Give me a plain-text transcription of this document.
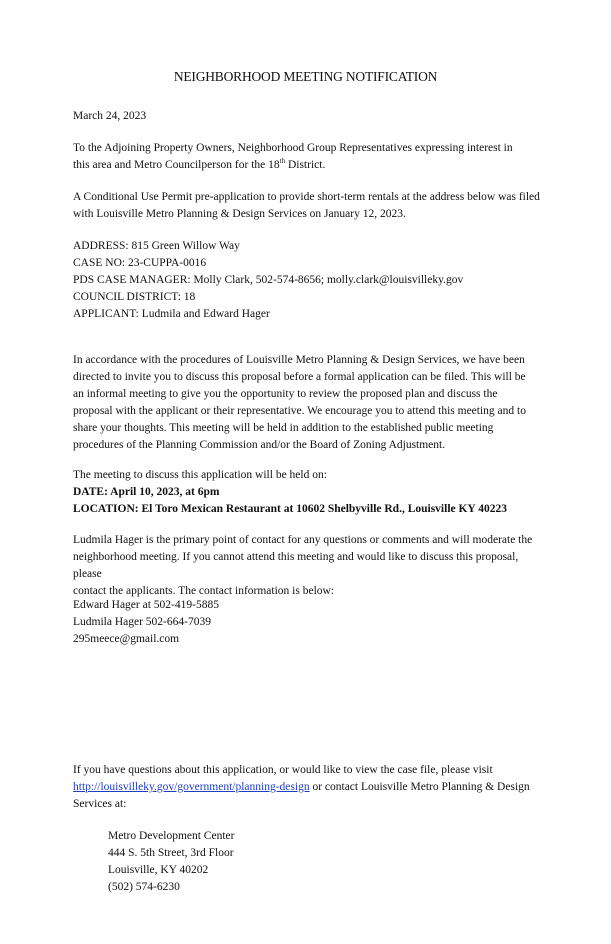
NEIGHBORHOOD MEETING NOTIFICATION
March 24, 2023

To the Adjoining Property Owners, Neighborhood Group Representatives expressing interest in

this area and Metro Councilperson for the 18th District.

A Conditional Use Permit pre-application to provide short-term rentals at the address below was filed

with Louisville Metro Planning & Design Services on January 12, 2023.

ADDRESS: 815 Green Willow Way

CASE NO: 23-CUPPA-0016

PDS CASE MANAGER: Molly Clark, 502-574-8656; molly.clark@louisvilleky.gov

COUNCIL DISTRICT: 18

APPLICANT: Ludmila and Edward Hager

In accordance with the procedures of Louisville Metro Planning & Design Services, we have been

directed to invite you to discuss this proposal before a formal application can be filed. This will be

an informal meeting to give you the opportunity to review the proposed plan and discuss the

proposal with the applicant or their representative. We encourage you to attend this meeting and to

share your thoughts. This meeting will be held in addition to the established public meeting

procedures of the Planning Commission and/or the Board of Zoning Adjustment.

The meeting to discuss this application will be held on:

DATE: April 10, 2023, at 6pm

LOCATION: El Toro Mexican Restaurant at 10602 Shelbyville Rd., Louisville KY 40223

Ludmila Hager is the primary point of contact for any questions or comments and will moderate the

neighborhood meeting. If you cannot attend this meeting and would like to discuss this proposal, please

contact the applicants. The contact information is below:

Edward Hager at 502-419-5885

Ludmila Hager 502-664-7039

295meece@gmail.com

If you have questions about this application, or would like to view the case file, please visit

http://louisvilleky.gov/government/planning-design or contact Louisville Metro Planning & Design

Services at:

Metro Development Center

444 S. 5th Street, 3rd Floor

Louisville, KY 40202

(502) 574-6230
